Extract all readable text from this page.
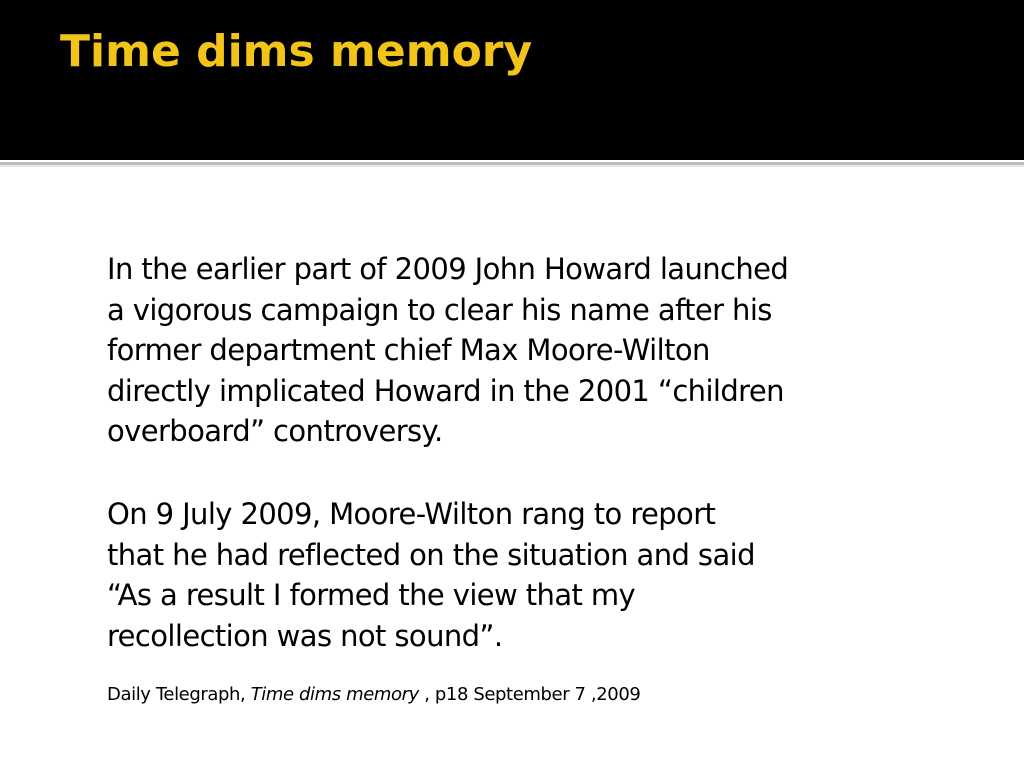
Time dims memory

In the earlier part of 2009 John Howard launched
a vigorous campaign to clear his name after his
former department chief Max Moore-Wilton
directly implicated Howard in the 2001 “children
overboard” controversy.

On 9 July 2009, Moore-Wilton rang to report
that he had reflected on the situation and said
“As a result I formed the view that my
recollection was not sound”.

Daily Telegraph, Time dims memory , p18 September 7 ,2009
